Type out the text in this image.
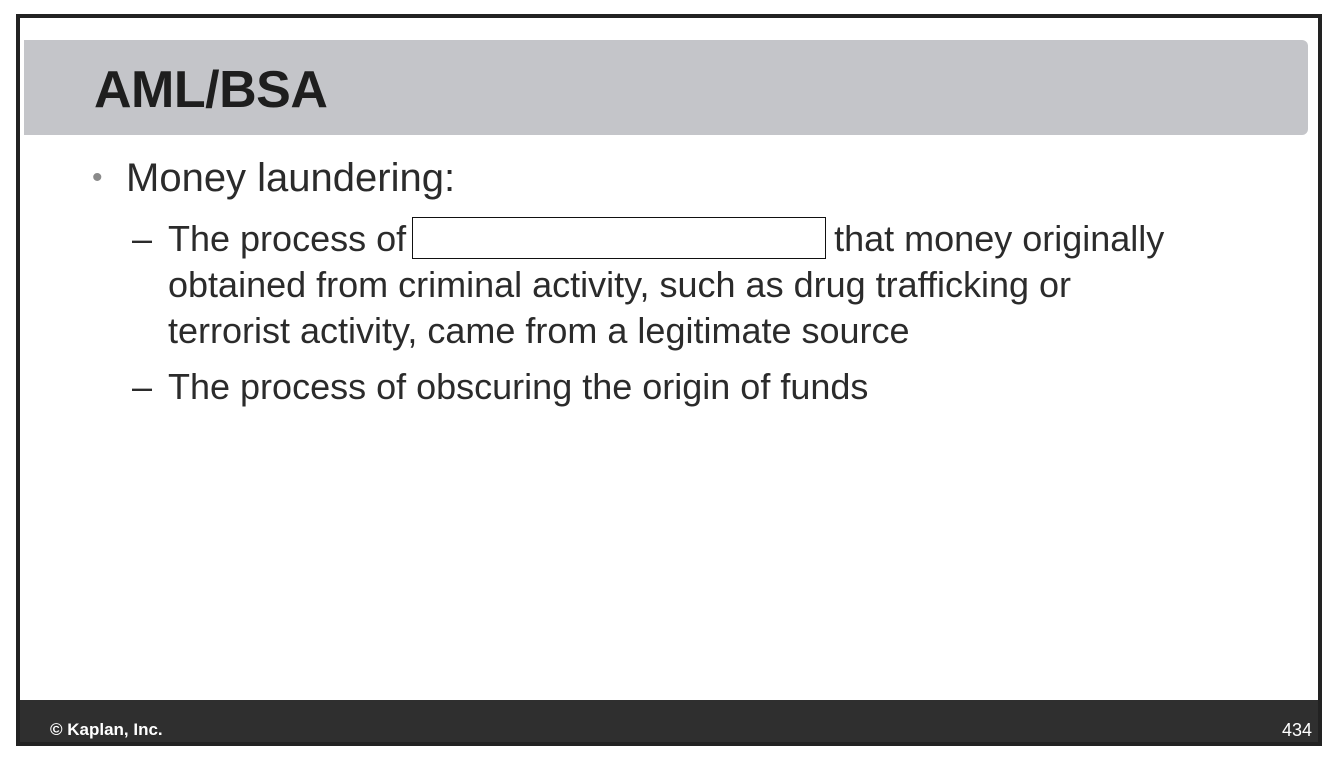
AML/BSA
• Money laundering:
– The process of	that money originally
obtained from criminal activity, such as drug trafficking or
terrorist activity, came from a legitimate source
– The process of obscuring the origin of funds
© Kaplan, Inc.	434
